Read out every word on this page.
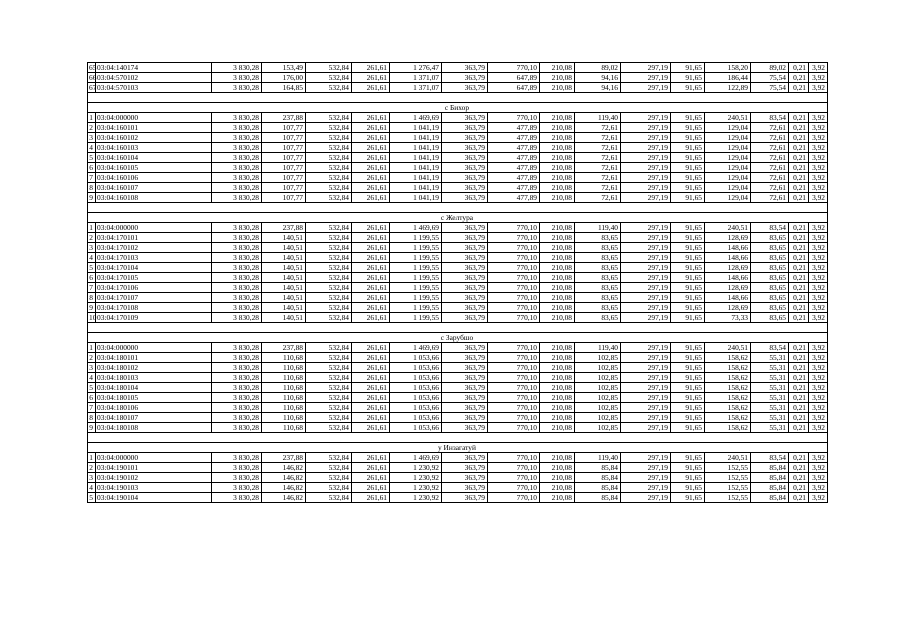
65	03:04:140174	3 830,28	153,49	532,84	261,61	1 276,47	363,79	770,10	210,08	89,02	297,19	91,65	158,20	89,02	0,21	3,92
66	03:04:570102	3 830,28	176,00	532,84	261,61	1 371,07	363,79	647,89	210,08	94,16	297,19	91,65	186,44	75,54	0,21	3,92
67	03:04:570103	3 830,28	164,85	532,84	261,61	1 371,07	363,79	647,89	210,08	94,16	297,19	91,65	122,89	75,54	0,21	3,92

с Бихор																
1	03:04:000000	3 830,28	237,88	532,84	261,61	1 469,69	363,79	770,10	210,08	119,40	297,19	91,65	240,51	83,54	0,21	3,92
2	03:04:160101	3 830,28	107,77	532,84	261,61	1 041,19	363,79	477,89	210,08	72,61	297,19	91,65	129,04	72,61	0,21	3,92
3	03:04:160102	3 830,28	107,77	532,84	261,61	1 041,19	363,79	477,89	210,08	72,61	297,19	91,65	129,04	72,61	0,21	3,92
4	03:04:160103	3 830,28	107,77	532,84	261,61	1 041,19	363,79	477,89	210,08	72,61	297,19	91,65	129,04	72,61	0,21	3,92
5	03:04:160104	3 830,28	107,77	532,84	261,61	1 041,19	363,79	477,89	210,08	72,61	297,19	91,65	129,04	72,61	0,21	3,92
6	03:04:160105	3 830,28	107,77	532,84	261,61	1 041,19	363,79	477,89	210,08	72,61	297,19	91,65	129,04	72,61	0,21	3,92
7	03:04:160106	3 830,28	107,77	532,84	261,61	1 041,19	363,79	477,89	210,08	72,61	297,19	91,65	129,04	72,61	0,21	3,92
8	03:04:160107	3 830,28	107,77	532,84	261,61	1 041,19	363,79	477,89	210,08	72,61	297,19	91,65	129,04	72,61	0,21	3,92
9	03:04:160108	3 830,28	107,77	532,84	261,61	1 041,19	363,79	477,89	210,08	72,61	297,19	91,65	129,04	72,61	0,21	3,92

с Желтура																
1	03:04:000000	3 830,28	237,88	532,84	261,61	1 469,69	363,79	770,10	210,08	119,40	297,19	91,65	240,51	83,54	0,21	3,92
2	03:04:170101	3 830,28	140,51	532,84	261,61	1 199,55	363,79	770,10	210,08	83,65	297,19	91,65	128,69	83,65	0,21	3,92
3	03:04:170102	3 830,28	140,51	532,84	261,61	1 199,55	363,79	770,10	210,08	83,65	297,19	91,65	148,66	83,65	0,21	3,92
4	03:04:170103	3 830,28	140,51	532,84	261,61	1 199,55	363,79	770,10	210,08	83,65	297,19	91,65	148,66	83,65	0,21	3,92
5	03:04:170104	3 830,28	140,51	532,84	261,61	1 199,55	363,79	770,10	210,08	83,65	297,19	91,65	128,69	83,65	0,21	3,92
6	03:04:170105	3 830,28	140,51	532,84	261,61	1 199,55	363,79	770,10	210,08	83,65	297,19	91,65	148,66	83,65	0,21	3,92
7	03:04:170106	3 830,28	140,51	532,84	261,61	1 199,55	363,79	770,10	210,08	83,65	297,19	91,65	128,69	83,65	0,21	3,92
8	03:04:170107	3 830,28	140,51	532,84	261,61	1 199,55	363,79	770,10	210,08	83,65	297,19	91,65	148,66	83,65	0,21	3,92
9	03:04:170108	3 830,28	140,51	532,84	261,61	1 199,55	363,79	770,10	210,08	83,65	297,19	91,65	128,69	83,65	0,21	3,92
10	03:04:170109	3 830,28	140,51	532,84	261,61	1 199,55	363,79	770,10	210,08	83,65	297,19	91,65	73,33	83,65	0,21	3,92

с Зарубшо																
1	03:04:000000	3 830,28	237,88	532,84	261,61	1 469,69	363,79	770,10	210,08	119,40	297,19	91,65	240,51	83,54	0,21	3,92
2	03:04:180101	3 830,28	110,68	532,84	261,61	1 053,66	363,79	770,10	210,08	102,85	297,19	91,65	158,62	55,31	0,21	3,92
3	03:04:180102	3 830,28	110,68	532,84	261,61	1 053,66	363,79	770,10	210,08	102,85	297,19	91,65	158,62	55,31	0,21	3,92
4	03:04:180103	3 830,28	110,68	532,84	261,61	1 053,66	363,79	770,10	210,08	102,85	297,19	91,65	158,62	55,31	0,21	3,92
5	03:04:180104	3 830,28	110,68	532,84	261,61	1 053,66	363,79	770,10	210,08	102,85	297,19	91,65	158,62	55,31	0,21	3,92
6	03:04:180105	3 830,28	110,68	532,84	261,61	1 053,66	363,79	770,10	210,08	102,85	297,19	91,65	158,62	55,31	0,21	3,92
7	03:04:180106	3 830,28	110,68	532,84	261,61	1 053,66	363,79	770,10	210,08	102,85	297,19	91,65	158,62	55,31	0,21	3,92
8	03:04:180107	3 830,28	110,68	532,84	261,61	1 053,66	363,79	770,10	210,08	102,85	297,19	91,65	158,62	55,31	0,21	3,92
9	03:04:180108	3 830,28	110,68	532,84	261,61	1 053,66	363,79	770,10	210,08	102,85	297,19	91,65	158,62	55,31	0,21	3,92

у Инзагатуй																
1	03:04:000000	3 830,28	237,88	532,84	261,61	1 469,69	363,79	770,10	210,08	119,40	297,19	91,65	240,51	83,54	0,21	3,92
2	03:04:190101	3 830,28	146,82	532,84	261,61	1 230,92	363,79	770,10	210,08	85,84	297,19	91,65	152,55	85,84	0,21	3,92
3	03:04:190102	3 830,28	146,82	532,84	261,61	1 230,92	363,79	770,10	210,08	85,84	297,19	91,65	152,55	85,84	0,21	3,92
4	03:04:190103	3 830,28	146,82	532,84	261,61	1 230,92	363,79	770,10	210,08	85,84	297,19	91,65	152,55	85,84	0,21	3,92
5	03:04:190104	3 830,28	146,82	532,84	261,61	1 230,92	363,79	770,10	210,08	85,84	297,19	91,65	152,55	85,84	0,21	3,92
